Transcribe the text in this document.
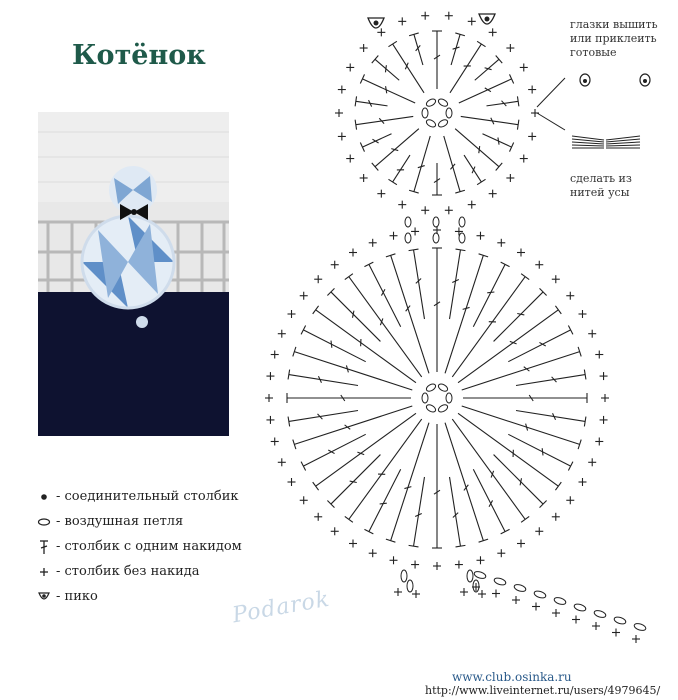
Котёнок
- соединительный столбик
- воздушная петля
- столбик с одним накидом
- столбик без накида
- пико
глазки вышить или приклеить готовые
сделать из нитей усы
Podarok
www.club.osinka.ru
http://www.liveinternet.ru/users/4979645/
